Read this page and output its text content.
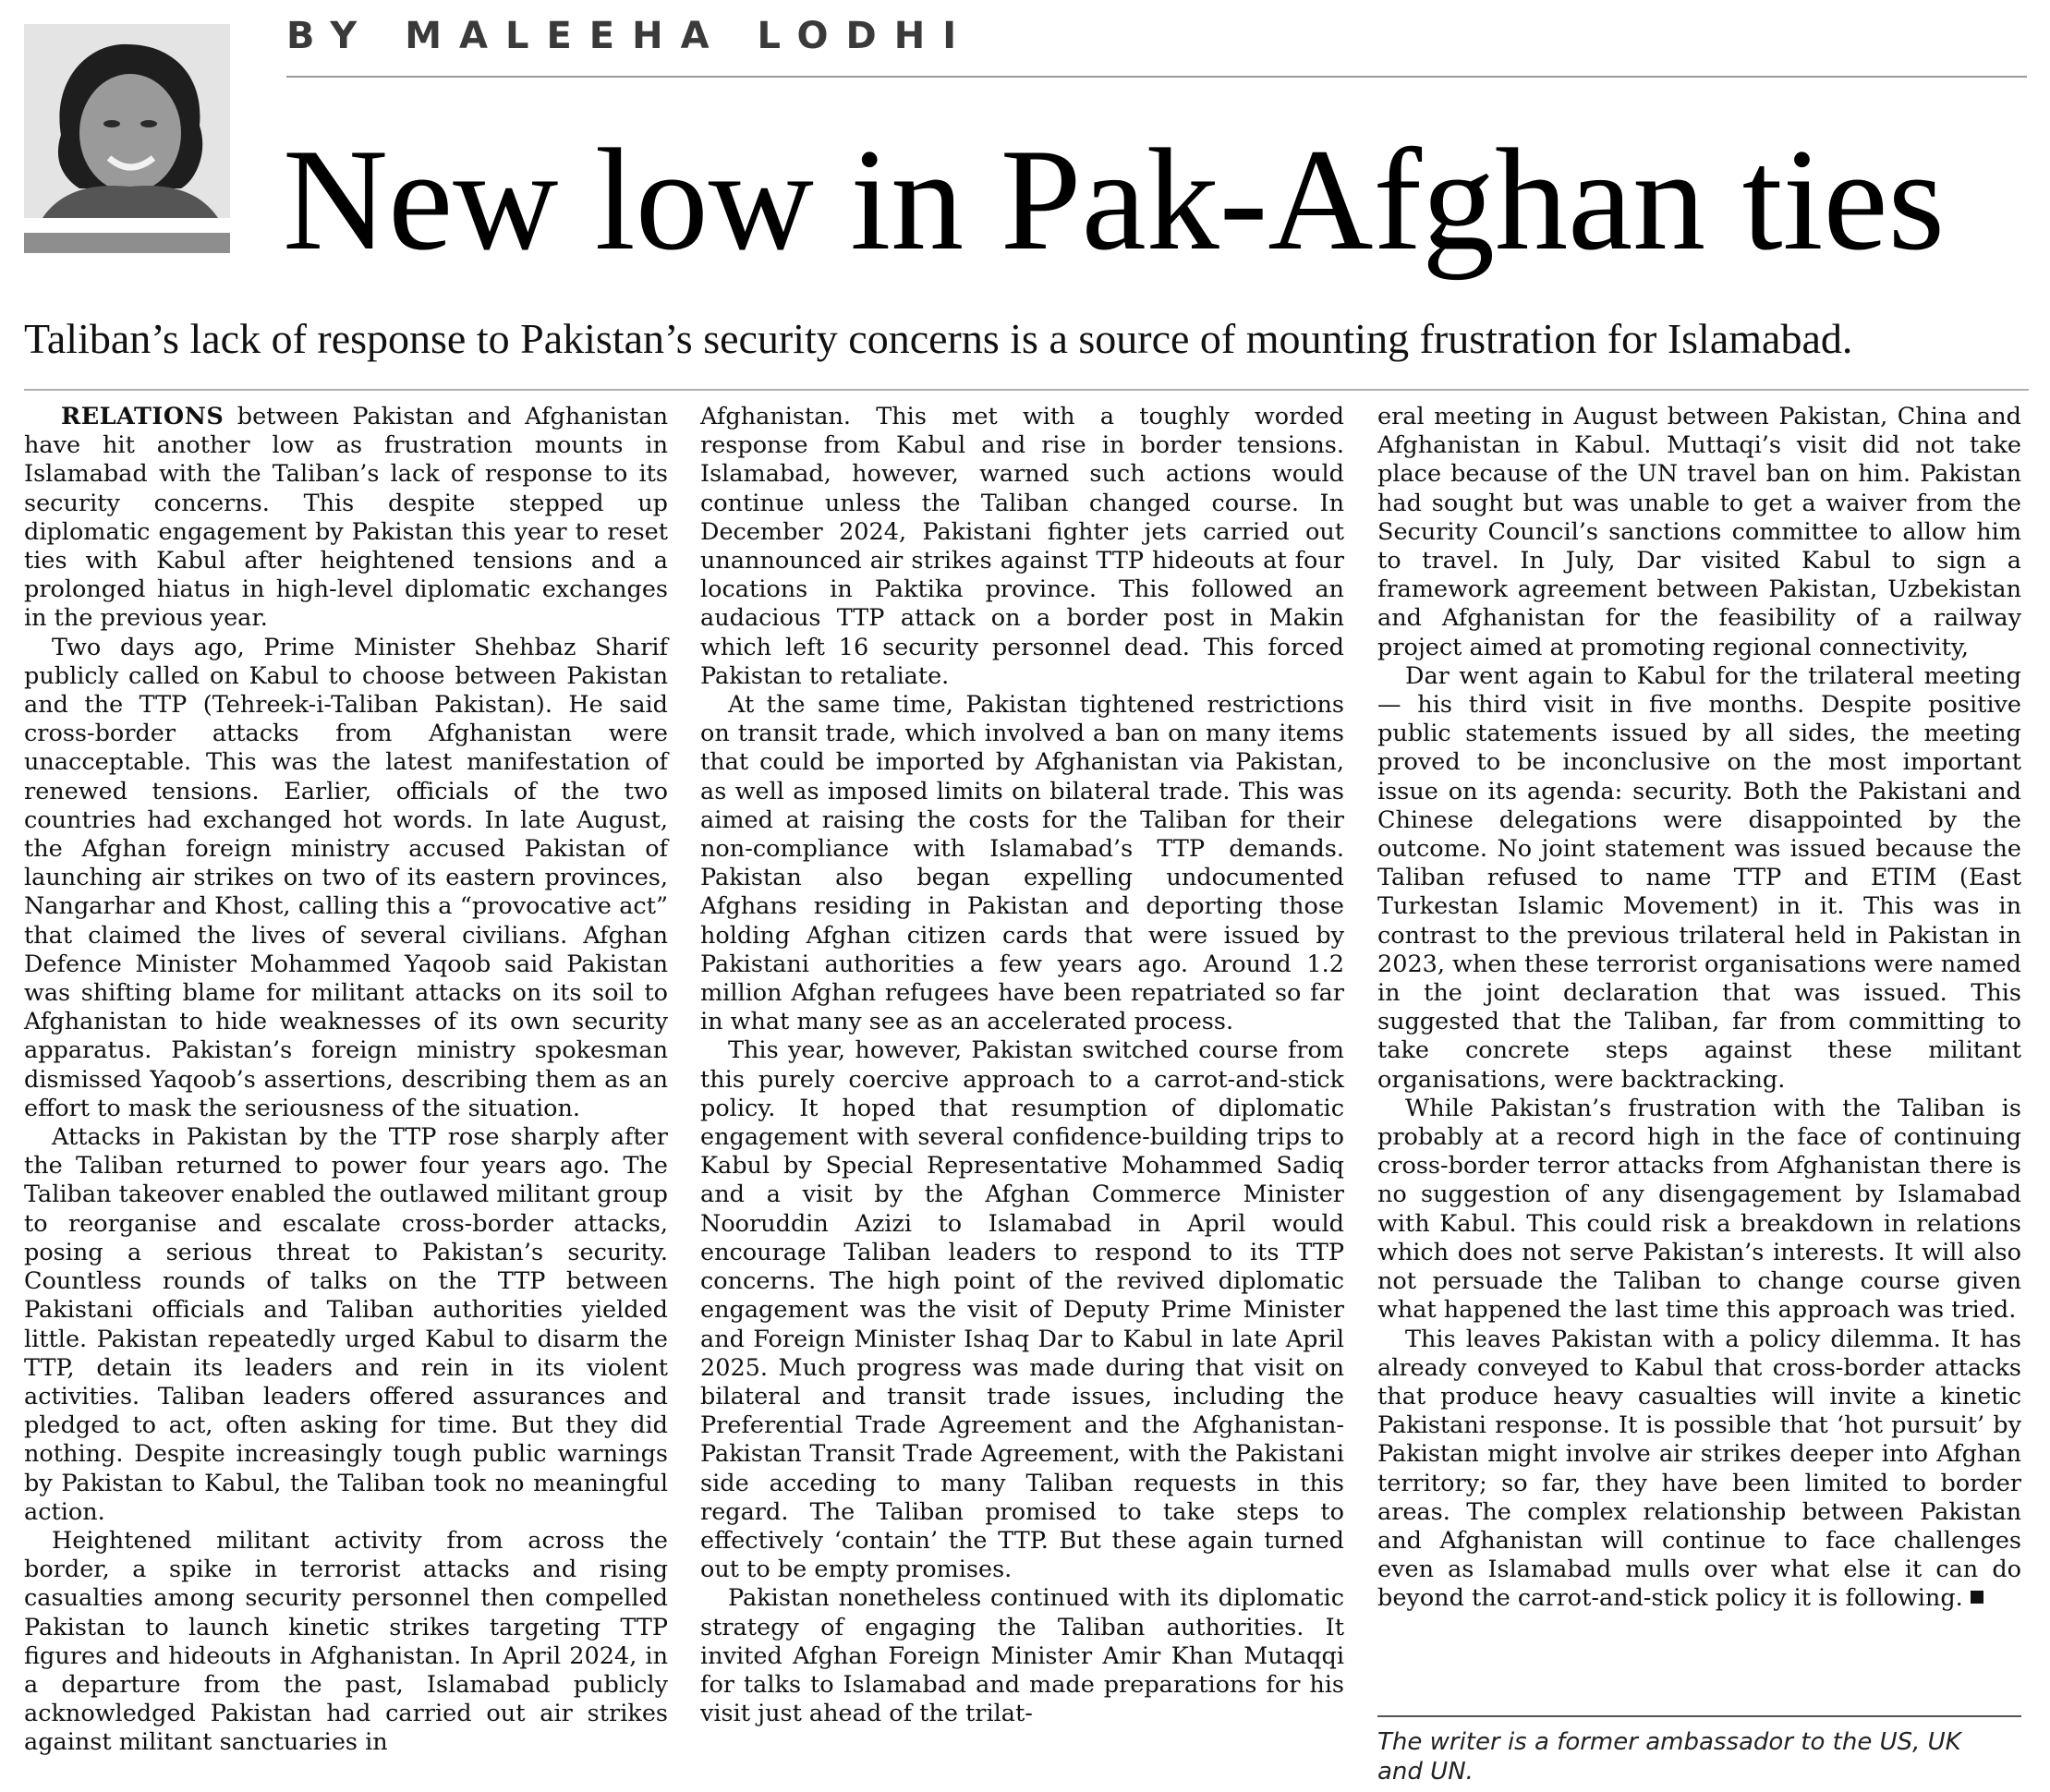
BY MALEEHA LODHI
New low in Pak-Afghan ties
Taliban’s lack of response to Pakistan’s security concerns is a source of mounting frustration for Islamabad.

RELATIONS between Pakistan and Afghanistan have hit another low as frustration mounts in Islamabad with the Taliban’s lack of response to its security concerns. This despite stepped up diplomatic engagement by Pakistan this year to reset ties with Kabul after heightened tensions and a prolonged hiatus in high-level diplomatic exchanges in the previous year.

Two days ago, Prime Minister Shehbaz Sharif publicly called on Kabul to choose between Pakistan and the TTP (Tehreek-i-Taliban Pakistan). He said cross-border attacks from Afghanistan were unacceptable. This was the latest manifestation of renewed tensions. Earlier, officials of the two countries had exchanged hot words. In late August, the Afghan foreign ministry accused Pakistan of launching air strikes on two of its eastern provinces, Nangarhar and Khost, calling this a “provocative act” that claimed the lives of several civilians. Afghan Defence Minister Mohammed Yaqoob said Pakistan was shifting blame for militant attacks on its soil to Afghanistan to hide weaknesses of its own security apparatus. Pakistan’s foreign ministry spokesman dismissed Yaqoob’s assertions, describing them as an effort to mask the seriousness of the situation.

Attacks in Pakistan by the TTP rose sharply after the Taliban returned to power four years ago. The Taliban takeover enabled the outlawed militant group to reorganise and escalate cross-border attacks, posing a serious threat to Pakistan’s security. Countless rounds of talks on the TTP between Pakistani officials and Taliban authorities yielded little. Pakistan repeatedly urged Kabul to disarm the TTP, detain its leaders and rein in its violent activities. Taliban leaders offered assurances and pledged to act, often asking for time. But they did nothing. Despite increasingly tough public warnings by Pakistan to Kabul, the Taliban took no meaningful action.

Heightened militant activity from across the border, a spike in terrorist attacks and rising casualties among security personnel then compelled Pakistan to launch kinetic strikes targeting TTP figures and hideouts in Afghanistan. In April 2024, in a departure from the past, Islamabad publicly acknowledged Pakistan had carried out air strikes against militant sanctuaries in

Afghanistan. This met with a toughly worded response from Kabul and rise in border tensions. Islamabad, however, warned such actions would continue unless the Taliban changed course. In December 2024, Pakistani fighter jets carried out unannounced air strikes against TTP hideouts at four locations in Paktika province. This followed an audacious TTP attack on a border post in Makin which left 16 security personnel dead. This forced Pakistan to retaliate.

At the same time, Pakistan tightened restrictions on transit trade, which involved a ban on many items that could be imported by Afghanistan via Pakistan, as well as imposed limits on bilateral trade. This was aimed at raising the costs for the Taliban for their non-compliance with Islamabad’s TTP demands. Pakistan also began expelling undocumented Afghans residing in Pakistan and deporting those holding Afghan citizen cards that were issued by Pakistani authorities a few years ago. Around 1.2 million Afghan refugees have been repatriated so far in what many see as an accelerated process.

This year, however, Pakistan switched course from this purely coercive approach to a carrot-and-stick policy. It hoped that resumption of diplomatic engagement with several confidence-building trips to Kabul by Special Representative Mohammed Sadiq and a visit by the Afghan Commerce Minister Nooruddin Azizi to Islamabad in April would encourage Taliban leaders to respond to its TTP concerns. The high point of the revived diplomatic engagement was the visit of Deputy Prime Minister and Foreign Minister Ishaq Dar to Kabul in late April 2025. Much progress was made during that visit on bilateral and transit trade issues, including the Preferential Trade Agreement and the Afghanistan-Pakistan Transit Trade Agreement, with the Pakistani side acceding to many Taliban requests in this regard. The Taliban promised to take steps to effectively ‘contain’ the TTP. But these again turned out to be empty promises.

Pakistan nonetheless continued with its diplomatic strategy of engaging the Taliban authorities. It invited Afghan Foreign Minister Amir Khan Mutaqqi for talks to Islamabad and made preparations for his visit just ahead of the trilat-

eral meeting in August between Pakistan, China and Afghanistan in Kabul. Muttaqi’s visit did not take place because of the UN travel ban on him. Pakistan had sought but was unable to get a waiver from the Security Council’s sanctions committee to allow him to travel. In July, Dar visited Kabul to sign a framework agreement between Pakistan, Uzbekistan and Afghanistan for the feasibility of a railway project aimed at promoting regional connectivity,

Dar went again to Kabul for the trilateral meeting — his third visit in five months. Despite positive public statements issued by all sides, the meeting proved to be inconclusive on the most important issue on its agenda: security. Both the Pakistani and Chinese delegations were disappointed by the outcome. No joint statement was issued because the Taliban refused to name TTP and ETIM (East Turkestan Islamic Movement) in it. This was in contrast to the previous trilateral held in Pakistan in 2023, when these terrorist organisations were named in the joint declaration that was issued. This suggested that the Taliban, far from committing to take concrete steps against these militant organisations, were backtracking.

While Pakistan’s frustration with the Taliban is probably at a record high in the face of continuing cross-border terror attacks from Afghanistan there is no suggestion of any disengagement by Islamabad with Kabul. This could risk a breakdown in relations which does not serve Pakistan’s interests. It will also not persuade the Taliban to change course given what happened the last time this approach was tried.

This leaves Pakistan with a policy dilemma. It has already conveyed to Kabul that cross-border attacks that produce heavy casualties will invite a kinetic Pakistani response. It is possible that ‘hot pursuit’ by Pakistan might involve air strikes deeper into Afghan territory; so far, they have been limited to border areas. The complex relationship between Pakistan and Afghanistan will continue to face challenges even as Islamabad mulls over what else it can do beyond the carrot-and-stick policy it is following.

The writer is a former ambassador to the US, UK and UN.
